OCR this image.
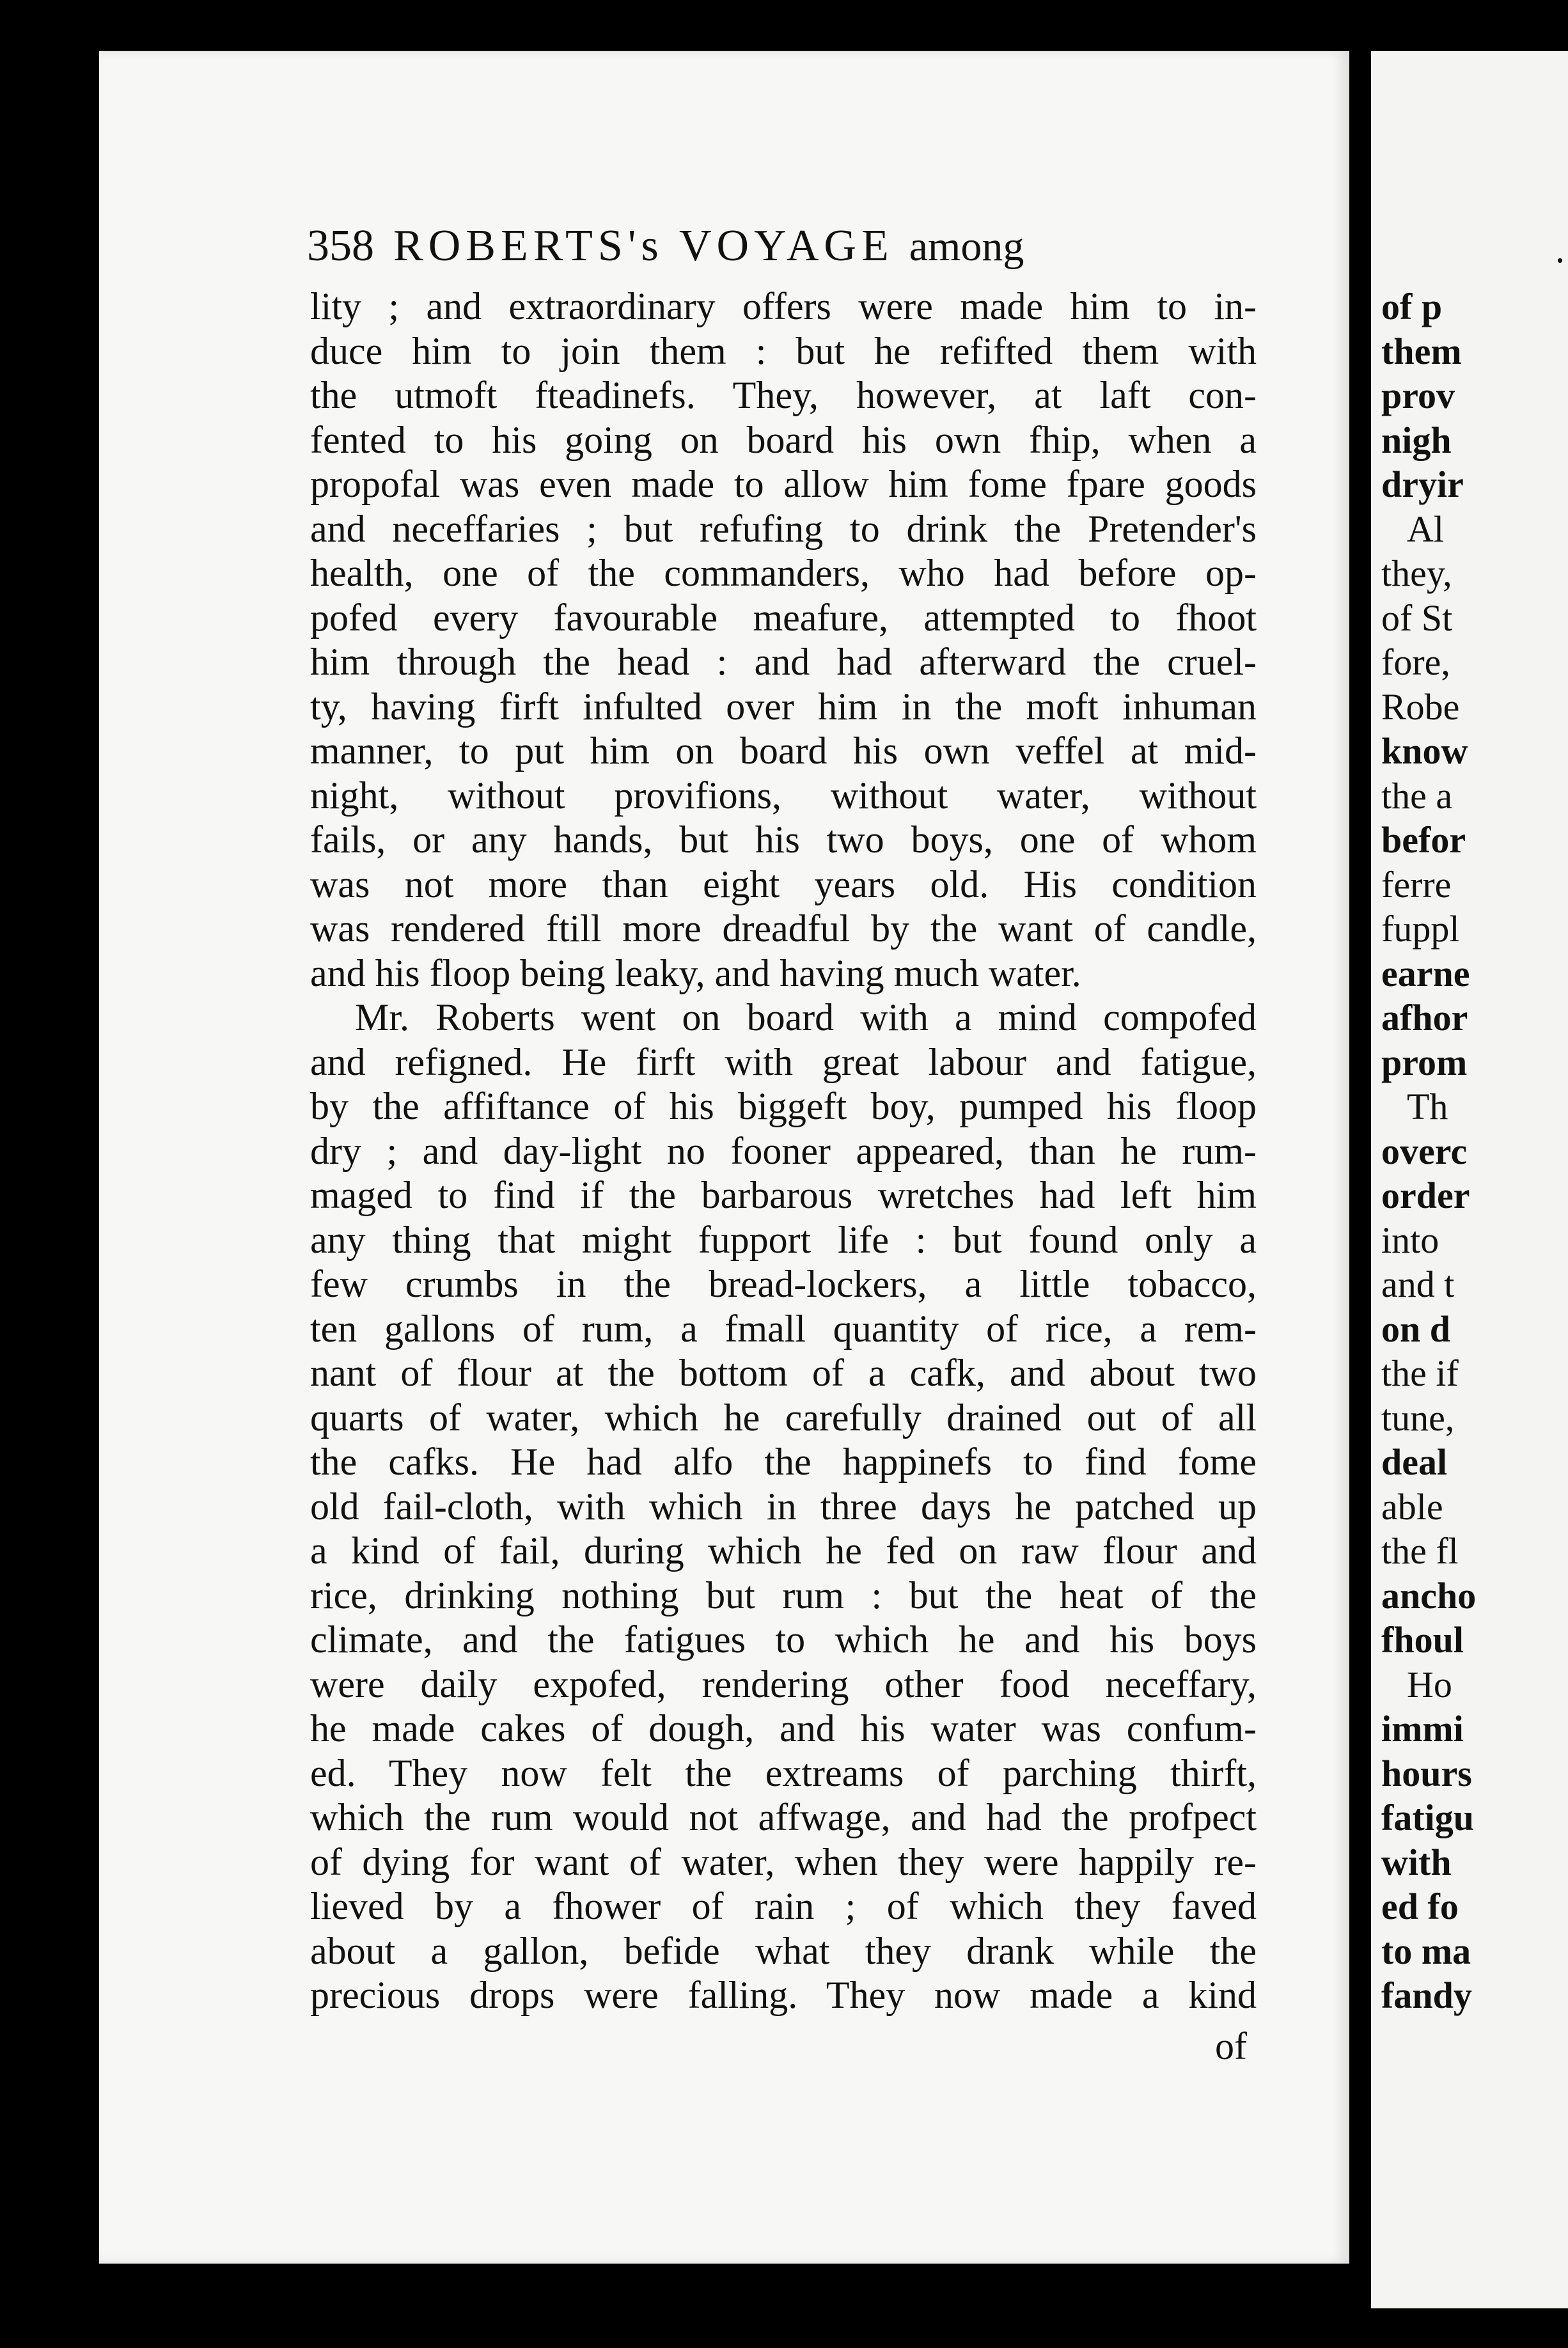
358 ROBERTS's VOYAGE among
lity ; and extraordinary offers were made him to in-
duce him to join them : but he refifted them with
the utmoft fteadinefs. They, however, at laft con-
fented to his going on board his own fhip, when a
propofal was even made to allow him fome fpare goods
and neceffaries ; but refufing to drink the Pretender's
health, one of the commanders, who had before op-
pofed every favourable meafure, attempted to fhoot
him through the head : and had afterward the cruel-
ty, having firft infulted over him in the moft inhuman
manner, to put him on board his own veffel at mid-
night, without provifions, without water, without
fails, or any hands, but his two boys, one of whom
was not more than eight years old. His condition
was rendered ftill more dreadful by the want of candle,
and his floop being leaky, and having much water.
Mr. Roberts went on board with a mind compofed
and refigned. He firft with great labour and fatigue,
by the affiftance of his biggeft boy, pumped his floop
dry ; and day-light no fooner appeared, than he rum-
maged to find if the barbarous wretches had left him
any thing that might fupport life : but found only a
few crumbs in the bread-lockers, a little tobacco,
ten gallons of rum, a fmall quantity of rice, a rem-
nant of flour at the bottom of a cafk, and about two
quarts of water, which he carefully drained out of all
the cafks. He had alfo the happinefs to find fome
old fail-cloth, with which in three days he patched up
a kind of fail, during which he fed on raw flour and
rice, drinking nothing but rum : but the heat of the
climate, and the fatigues to which he and his boys
were daily expofed, rendering other food neceffary,
he made cakes of dough, and his water was confum-
ed. They now felt the extreams of parching thirft,
which the rum would not affwage, and had the profpect
of dying for want of water, when they were happily re-
lieved by a fhower of rain ; of which they faved
about a gallon, befide what they drank while the
precious drops were falling. They now made a kind
of
.
of p
them
prov
nigh
dryir
Al
they,
of St
fore,
Robe
know
the a
befor
ferre
fuppl
earne
afhor
prom
Th
overc
order
into
and t
on d
the if
tune,
deal
able
the fl
ancho
fhoul
Ho
immi
hours
fatigu
with
ed fo
to ma
fandy
